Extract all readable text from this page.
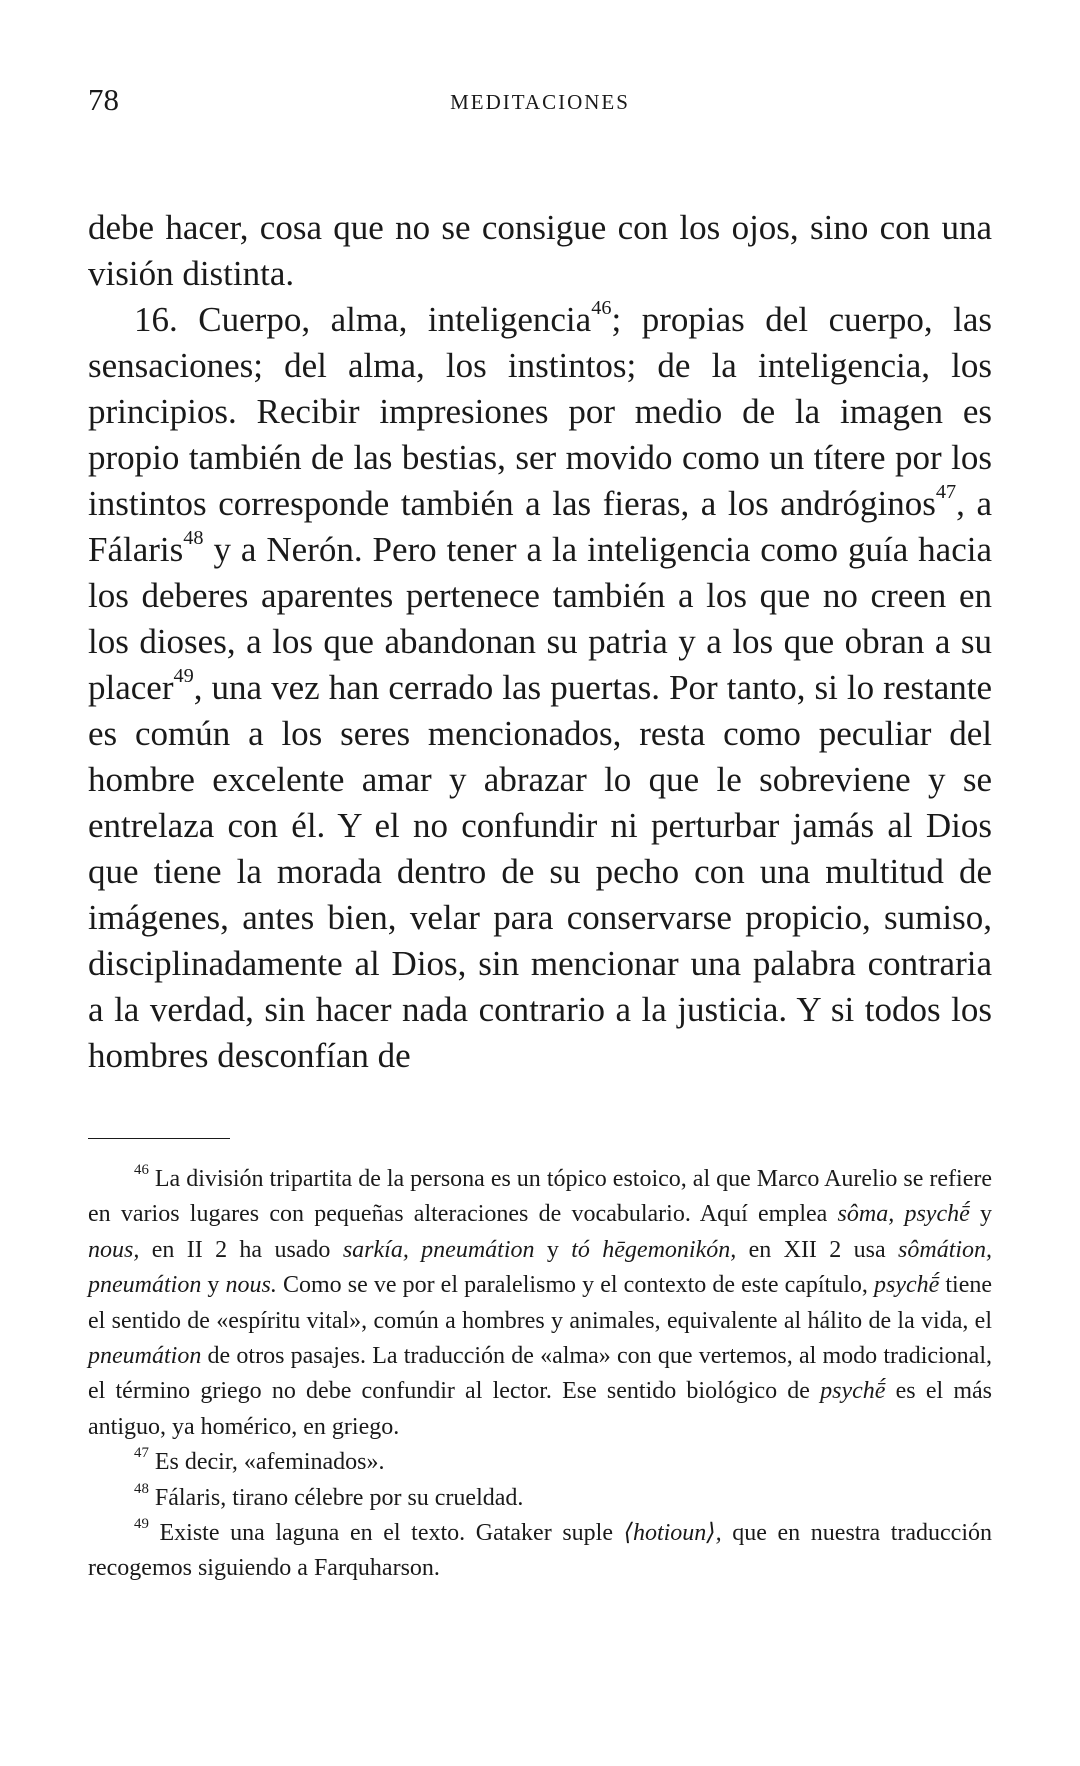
78	MEDITACIONES

debe hacer, cosa que no se consigue con los ojos, sino con una visión distinta.

16. Cuerpo, alma, inteligencia$^{46}$; propias del cuerpo, las sensaciones; del alma, los instintos; de la inteligencia, los principios. Recibir impresiones por medio de la imagen es propio también de las bestias, ser movido como un títere por los instintos corresponde también a las fieras, a los andróginos$^{47}$, a Fálaris$^{48}$ y a Nerón. Pero tener a la inteligencia como guía hacia los deberes aparentes pertenece también a los que no creen en los dioses, a los que abandonan su patria y a los que obran a su placer$^{49}$, una vez han cerrado las puertas. Por tanto, si lo restante es común a los seres mencionados, resta como peculiar del hombre excelente amar y abrazar lo que le sobreviene y se entrelaza con él. Y el no confundir ni perturbar jamás al Dios que tiene la morada dentro de su pecho con una multitud de imágenes, antes bien, velar para conservarse propicio, sumiso, disciplinadamente al Dios, sin mencionar una palabra contraria a la verdad, sin hacer nada contrario a la justicia. Y si todos los hombres desconfían de

$^{46}$ La división tripartita de la persona es un tópico estoico, al que Marco Aurelio se refiere en varios lugares con pequeñas alteraciones de vocabulario. Aquí emplea sôma, psychḗ y nous, en II 2 ha usado sarkía, pneumátion y tó hēgemonikón, en XII 2 usa sômátion, pneumátion y nous. Como se ve por el paralelismo y el contexto de este capítulo, psychḗ tiene el sentido de «espíritu vital», común a hombres y animales, equivalente al hálito de la vida, el pneumátion de otros pasajes. La traducción de «alma» con que vertemos, al modo tradicional, el término griego no debe confundir al lector. Ese sentido biológico de psychḗ es el más antiguo, ya homérico, en griego.

$^{47}$ Es decir, «afeminados».

$^{48}$ Fálaris, tirano célebre por su crueldad.

$^{49}$ Existe una laguna en el texto. Gataker suple ⟨hotioun⟩, que en nuestra traducción recogemos siguiendo a Farquharson.
